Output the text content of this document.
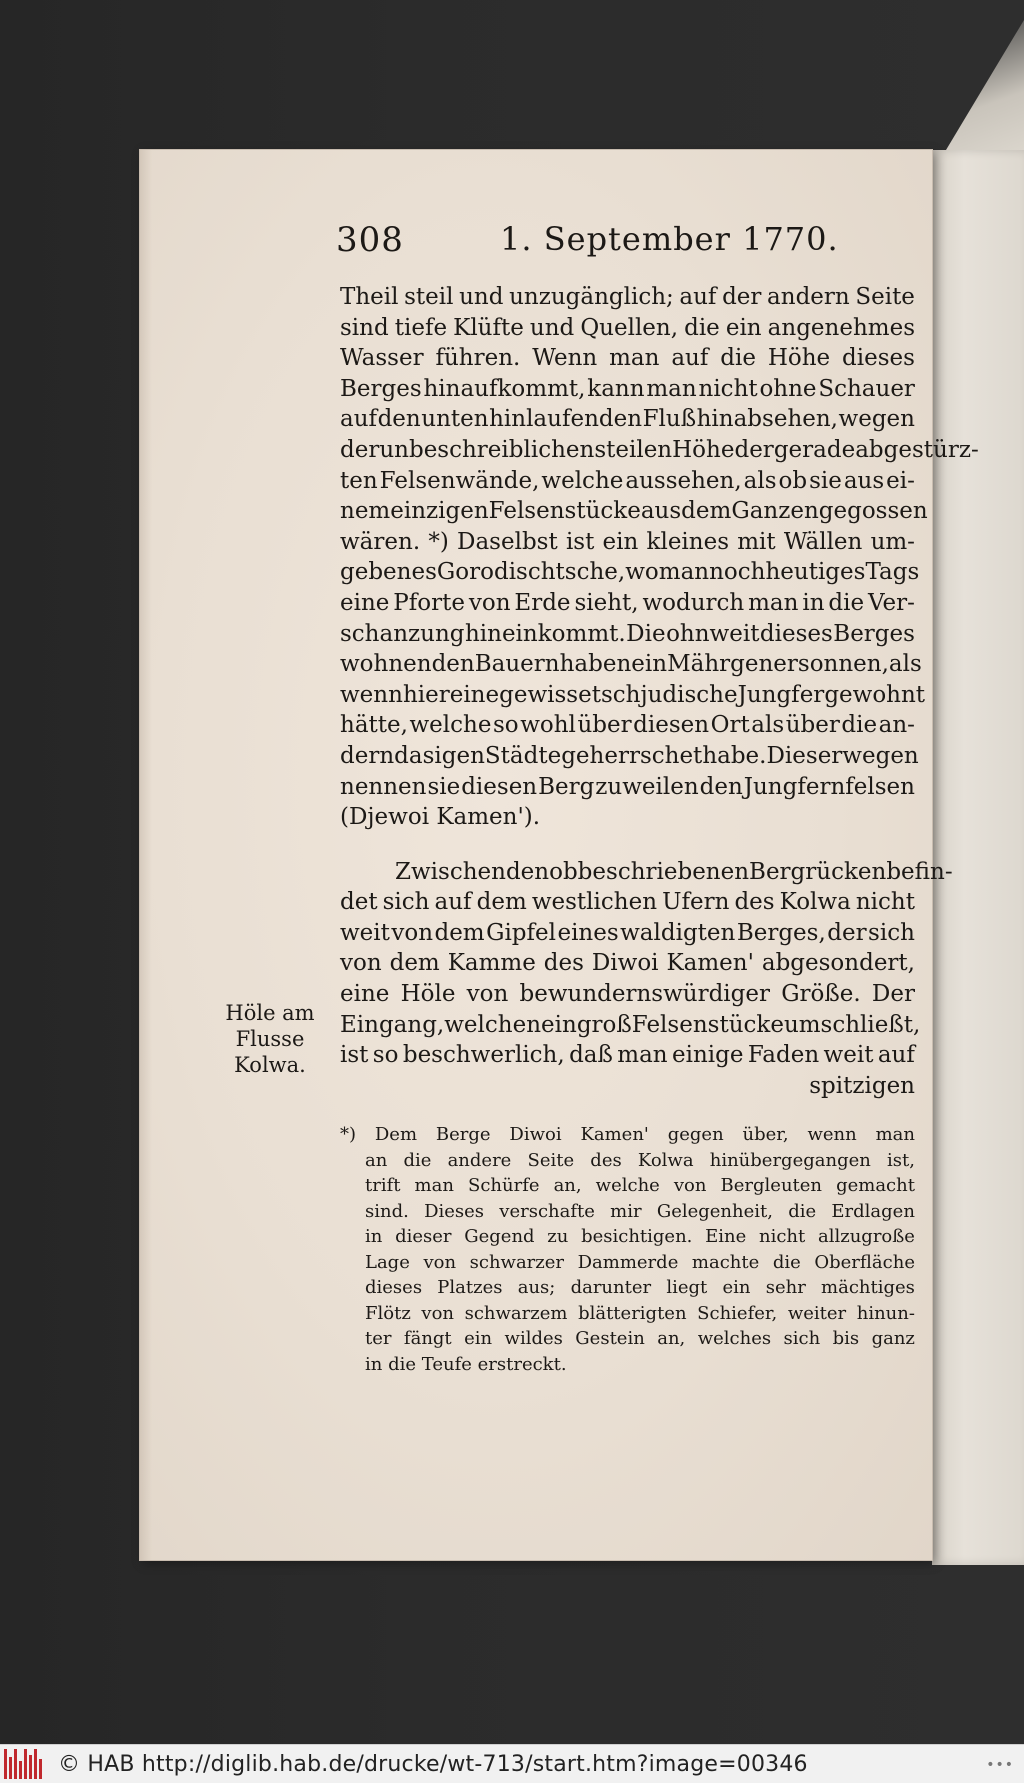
308	1. September 1770.
Theil steil und unzugänglich; auf der andern Seite
sind tiefe Klüfte und Quellen, die ein angenehmes
Wasser führen. Wenn man auf die Höhe dieses
Berges hinaufkommt, kann man nicht ohne Schauer
auf den unten hinlaufenden Fluß hinabsehen, wegen
der unbeschreiblichen steilen Höhe der gerade abgestürz-
ten Felsenwände, welche aussehen, als ob sie aus ei-
nem einzigen Felsenstücke aus dem Ganzen gegossen
wären. *) Daselbst ist ein kleines mit Wällen um-
gebenes Gorodischtsche, wo man noch heutiges Tags
eine Pforte von Erde sieht, wodurch man in die Ver-
schanzung hineinkommt. Die ohnweit dieses Berges
wohnenden Bauern haben ein Mährgen ersonnen, als
wenn hier eine gewisse tschjudische Jungfer gewohnt
hätte, welche so wohl über diesen Ort als über die an-
dern dasigen Städte geherrschet habe. Dieserwegen
nennen sie diesen Berg zuweilen den Jungfernfelsen
(Djewoi Kamen').
Zwischen den obbeschriebenen Bergrücken befin-
det sich auf dem westlichen Ufern des Kolwa nicht
weit von dem Gipfel eines waldigten Berges, der sich
von dem Kamme des Diwoi Kamen' abgesondert,
eine Höle von bewundernswürdiger Größe. Der
Eingang, welchen ein groß Felsenstücke umschließt,
ist so beschwerlich, daß man einige Faden weit auf
spitzigen
Höle am
Flusse
Kolwa.
*) Dem Berge Diwoi Kamen' gegen über, wenn man
an die andere Seite des Kolwa hinübergegangen ist,
trift man Schürfe an, welche von Bergleuten gemacht
sind. Dieses verschafte mir Gelegenheit, die Erdlagen
in dieser Gegend zu besichtigen. Eine nicht allzugroße
Lage von schwarzer Dammerde machte die Oberfläche
dieses Platzes aus; darunter liegt ein sehr mächtiges
Flötz von schwarzem blätterigten Schiefer, weiter hinun-
ter fängt ein wildes Gestein an, welches sich bis ganz
in die Teufe erstreckt.
© HAB http://diglib.hab.de/drucke/wt-713/start.htm?image=00346	•••
